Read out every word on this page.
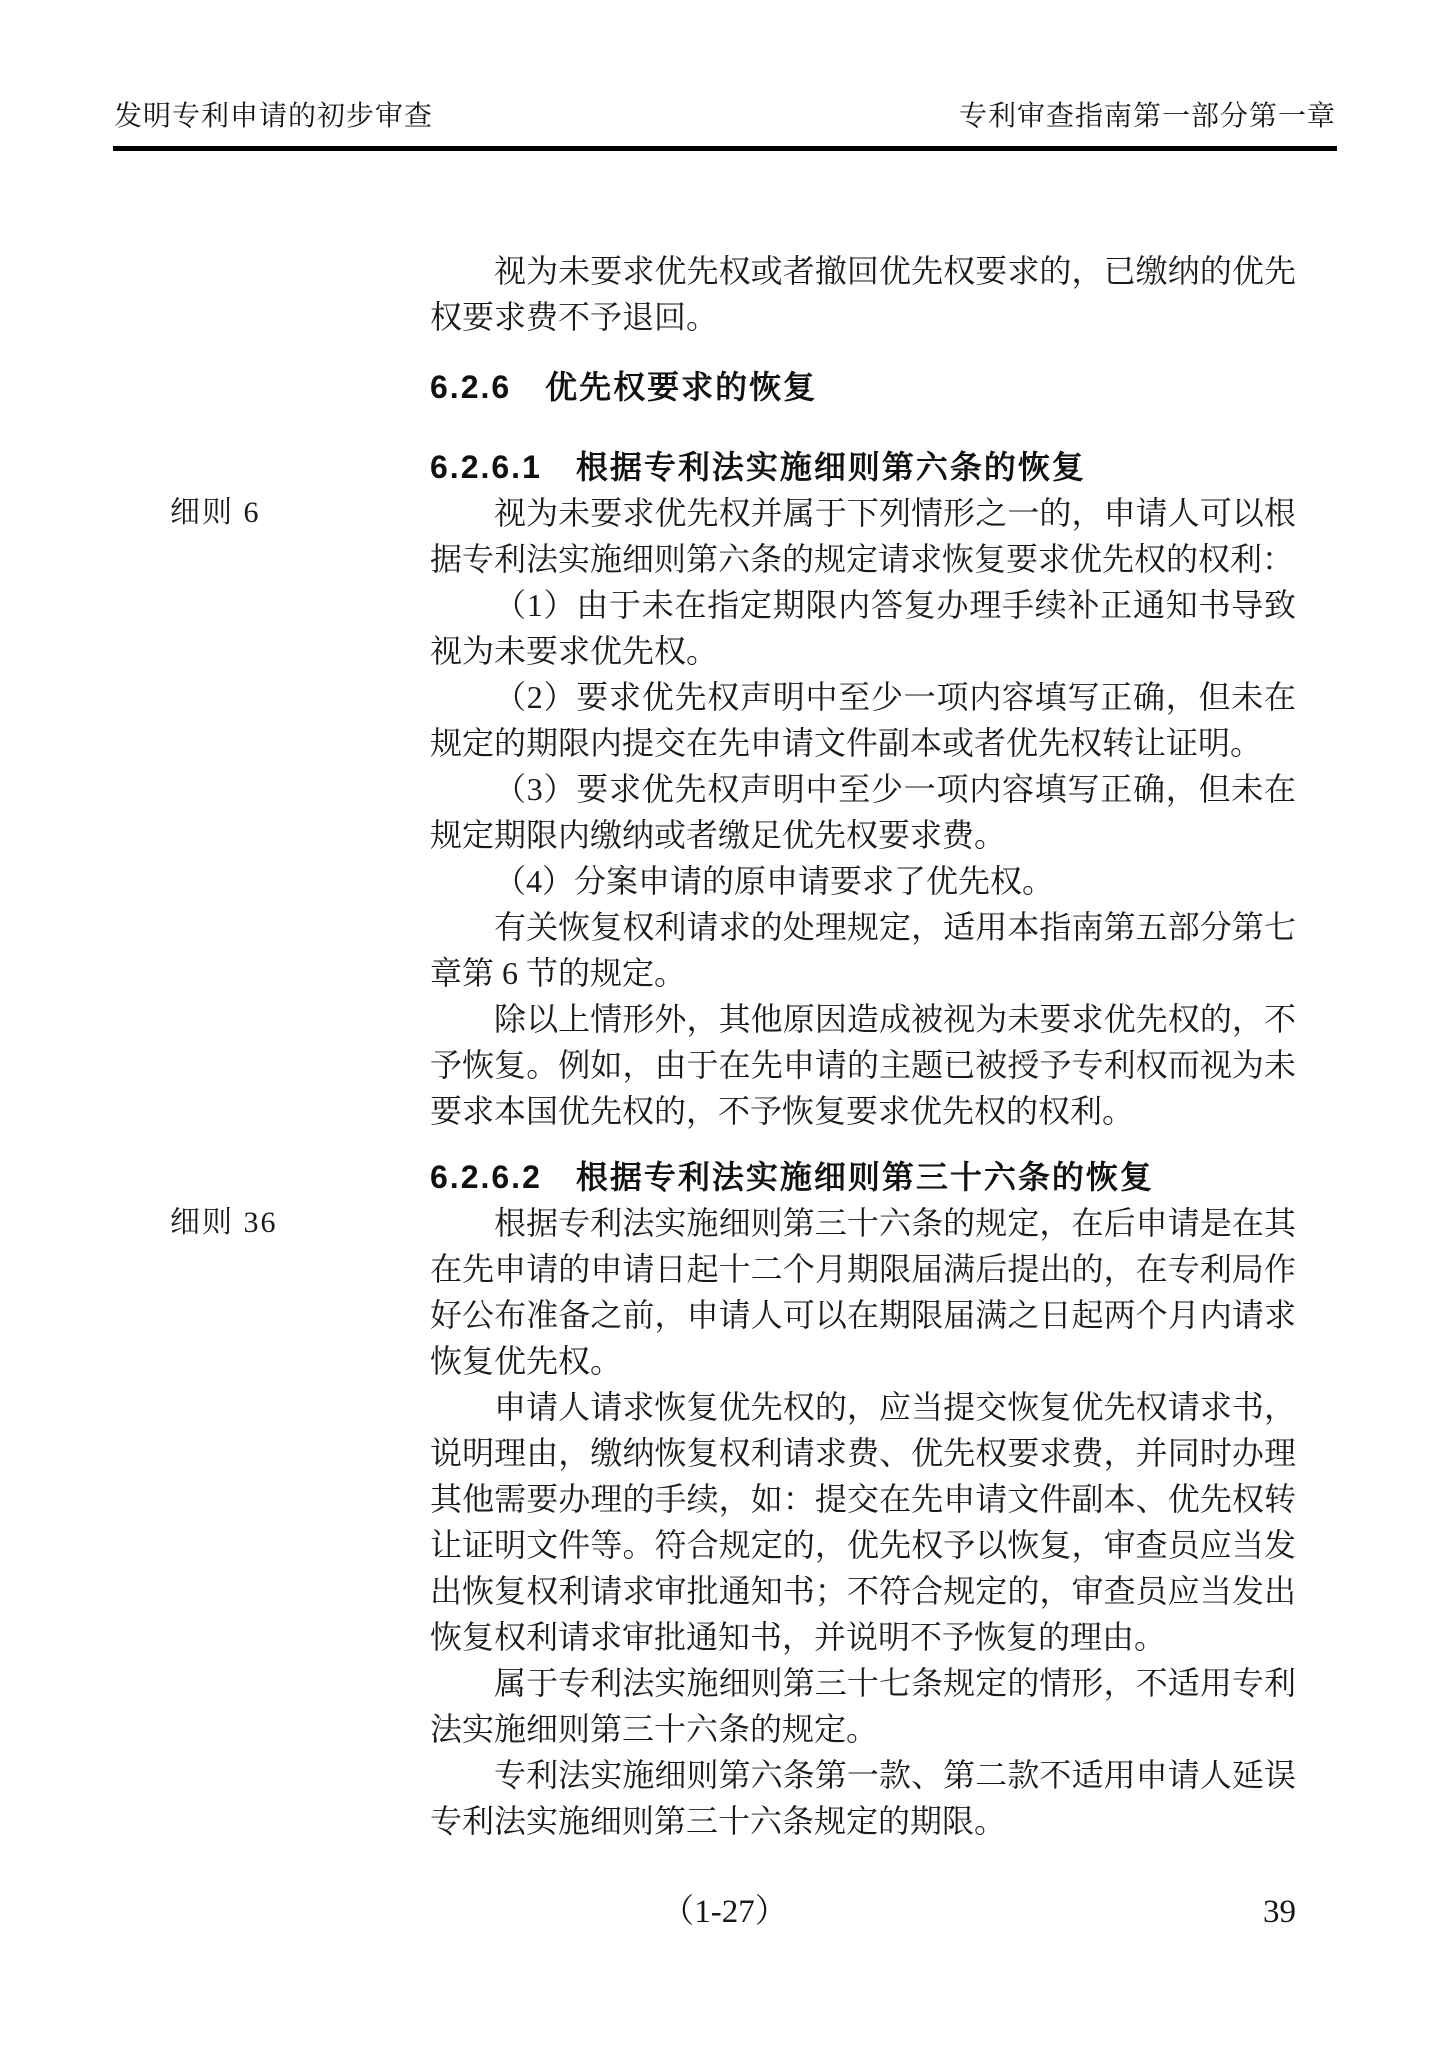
发明专利申请的初步审查	专利审查指南第一部分第一章

视为未要求优先权或者撤回优先权要求的，已缴纳的优先权要求费不予退回。

6.2.6　优先权要求的恢复
6.2.6.1　根据专利法实施细则第六条的恢复

细则 6	视为未要求优先权并属于下列情形之一的，申请人可以根据专利法实施细则第六条的规定请求恢复要求优先权的权利：

（1）由于未在指定期限内答复办理手续补正通知书导致视为未要求优先权。

（2）要求优先权声明中至少一项内容填写正确，但未在规定的期限内提交在先申请文件副本或者优先权转让证明。

（3）要求优先权声明中至少一项内容填写正确，但未在规定期限内缴纳或者缴足优先权要求费。

（4）分案申请的原申请要求了优先权。

有关恢复权利请求的处理规定，适用本指南第五部分第七章第 6 节的规定。

除以上情形外，其他原因造成被视为未要求优先权的，不予恢复。例如，由于在先申请的主题已被授予专利权而视为未要求本国优先权的，不予恢复要求优先权的权利。

6.2.6.2　根据专利法实施细则第三十六条的恢复

细则 36	根据专利法实施细则第三十六条的规定，在后申请是在其在先申请的申请日起十二个月期限届满后提出的，在专利局作好公布准备之前，申请人可以在期限届满之日起两个月内请求恢复优先权。

申请人请求恢复优先权的，应当提交恢复优先权请求书，说明理由，缴纳恢复权利请求费、优先权要求费，并同时办理其他需要办理的手续，如：提交在先申请文件副本、优先权转让证明文件等。符合规定的，优先权予以恢复，审查员应当发出恢复权利请求审批通知书；不符合规定的，审查员应当发出恢复权利请求审批通知书，并说明不予恢复的理由。

属于专利法实施细则第三十七条规定的情形，不适用专利法实施细则第三十六条的规定。

专利法实施细则第六条第一款、第二款不适用申请人延误专利法实施细则第三十六条规定的期限。

（1-27）	39
